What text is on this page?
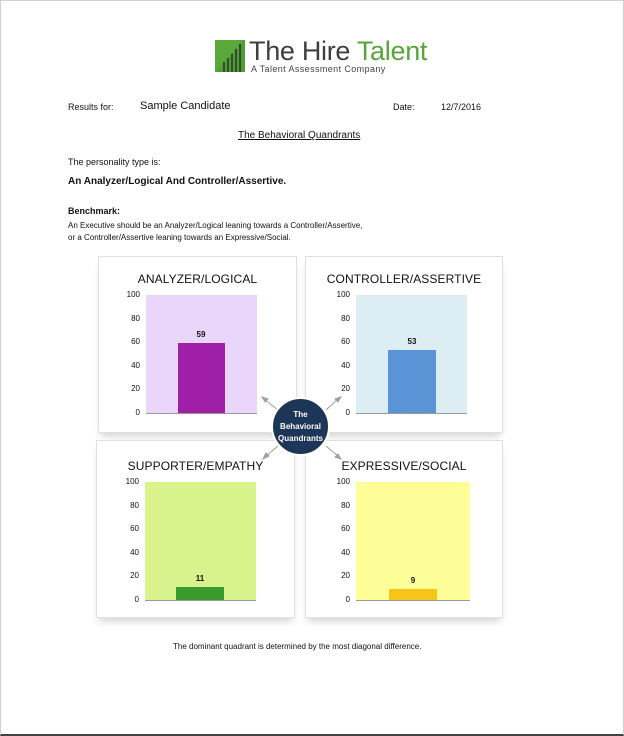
The Hire Talent
A Talent Assessment Company
Results for: Sample Candidate	Date:	12/7/2016
The Behavioral Quandrants
The personality type is:
An Analyzer/Logical And Controller/Assertive.
Benchmark:
An Executive should be an Analyzer/Logical leaning towards a Controller/Assertive,
or a Controller/Assertive leaning towards an Expressive/Social.
ANALYZER/LOGICAL
59
100
80
60
40
20
0
CONTROLLER/ASSERTIVE
53
100
80
60
40
20
0
SUPPORTER/EMPATHY
11
100
80
60
40
20
0
EXPRESSIVE/SOCIAL
9
100
80
60
40
20
0
The
Behavioral
Quandrants
The dominant quadrant is determined by the most diagonal difference.
